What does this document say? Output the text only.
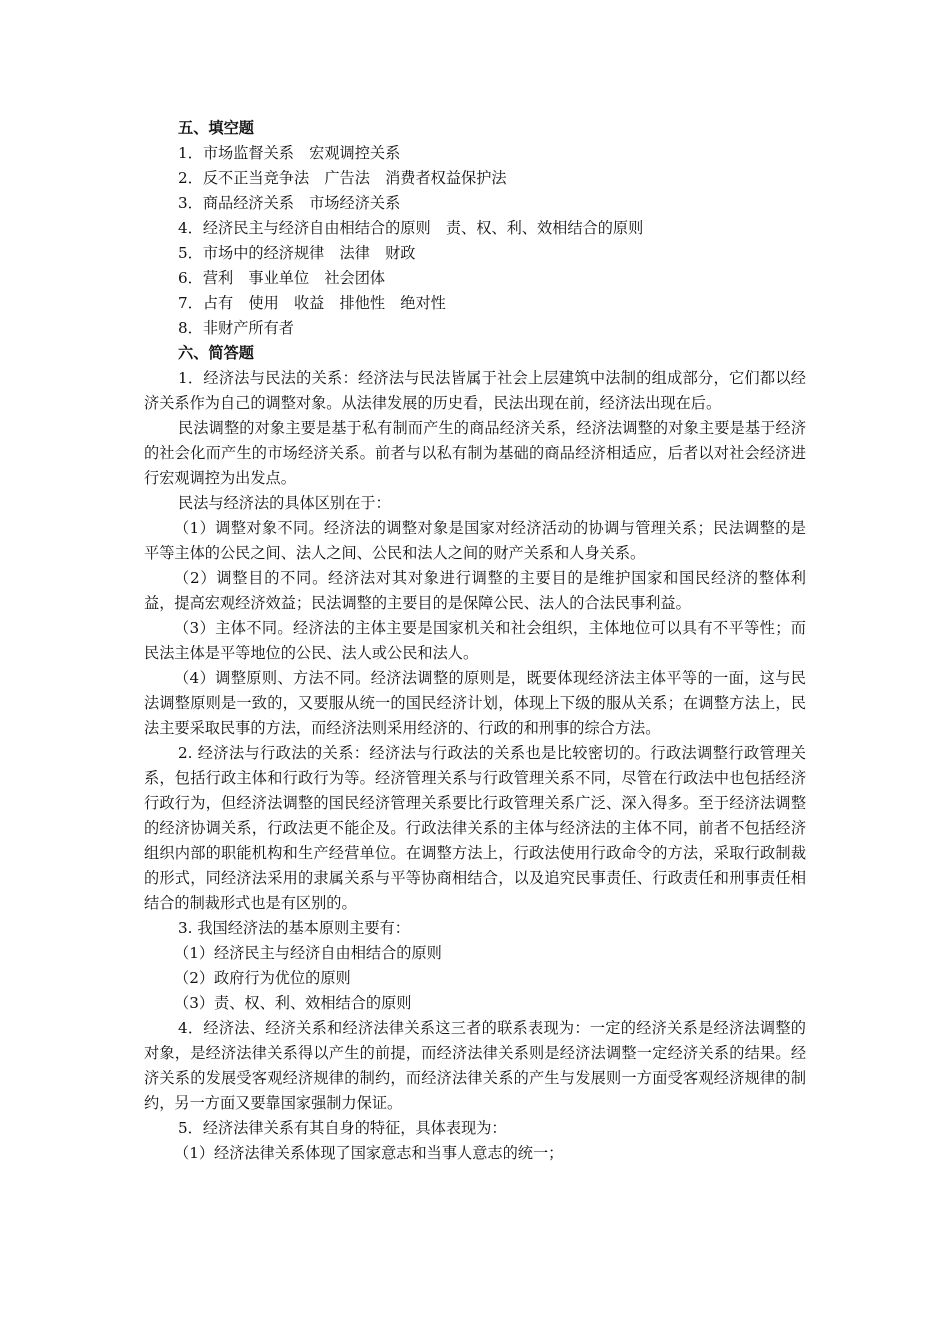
五、填空题

1．市场监督关系　宏观调控关系

2．反不正当竞争法　广告法　消费者权益保护法

3．商品经济关系　市场经济关系

4．经济民主与经济自由相结合的原则　责、权、利、效相结合的原则

5．市场中的经济规律　法律　财政

6．营利　事业单位　社会团体

7．占有　使用　收益　排他性　绝对性

8．非财产所有者

六、简答题

1．经济法与民法的关系：经济法与民法皆属于社会上层建筑中法制的组成部分，它们都以经济关系作为自己的调整对象。从法律发展的历史看，民法出现在前，经济法出现在后。

民法调整的对象主要是基于私有制而产生的商品经济关系，经济法调整的对象主要是基于经济的社会化而产生的市场经济关系。前者与以私有制为基础的商品经济相适应，后者以对社会经济进行宏观调控为出发点。

民法与经济法的具体区别在于：

（1）调整对象不同。经济法的调整对象是国家对经济活动的协调与管理关系；民法调整的是平等主体的公民之间、法人之间、公民和法人之间的财产关系和人身关系。

（2）调整目的不同。经济法对其对象进行调整的主要目的是维护国家和国民经济的整体利益，提高宏观经济效益；民法调整的主要目的是保障公民、法人的合法民事利益。

（3）主体不同。经济法的主体主要是国家机关和社会组织，主体地位可以具有不平等性；而民法主体是平等地位的公民、法人或公民和法人。

（4）调整原则、方法不同。经济法调整的原则是，既要体现经济法主体平等的一面，这与民法调整原则是一致的，又要服从统一的国民经济计划，体现上下级的服从关系；在调整方法上，民法主要采取民事的方法，而经济法则采用经济的、行政的和刑事的综合方法。

2. 经济法与行政法的关系：经济法与行政法的关系也是比较密切的。行政法调整行政管理关系，包括行政主体和行政行为等。经济管理关系与行政管理关系不同，尽管在行政法中也包括经济行政行为，但经济法调整的国民经济管理关系要比行政管理关系广泛、深入得多。至于经济法调整的经济协调关系，行政法更不能企及。行政法律关系的主体与经济法的主体不同，前者不包括经济组织内部的职能机构和生产经营单位。在调整方法上，行政法使用行政命令的方法，采取行政制裁的形式，同经济法采用的隶属关系与平等协商相结合，以及追究民事责任、行政责任和刑事责任相结合的制裁形式也是有区别的。

3. 我国经济法的基本原则主要有：

（1）经济民主与经济自由相结合的原则

（2）政府行为优位的原则

（3）责、权、利、效相结合的原则

4．经济法、经济关系和经济法律关系这三者的联系表现为：一定的经济关系是经济法调整的对象，是经济法律关系得以产生的前提，而经济法律关系则是经济法调整一定经济关系的结果。经济关系的发展受客观经济规律的制约，而经济法律关系的产生与发展则一方面受客观经济规律的制约，另一方面又要靠国家强制力保证。

5．经济法律关系有其自身的特征，具体表现为：

（1）经济法律关系体现了国家意志和当事人意志的统一；
